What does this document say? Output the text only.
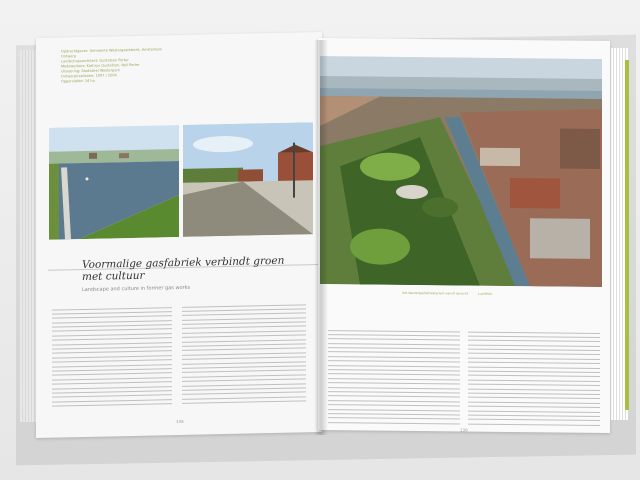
Opdrachtgever: Gemeente Westergasfabriek, Amsterdam
Ontwerp
Landschapsarchitect: Gustafson Porter
Medewerkers: Kathryn Gustafson, Neil Porter
Uitvoering: Stadsdeel Westerpark
Ontwerp/realisatie: 1997 / 2004
Oppervlakte: 14 ha
Voormalige gasfabriek verbindt groen met cultuur
Landscape and culture in former gas works
138
Het Westergasfabriekterrein vanuit de lucht	Luchtfoto
139
